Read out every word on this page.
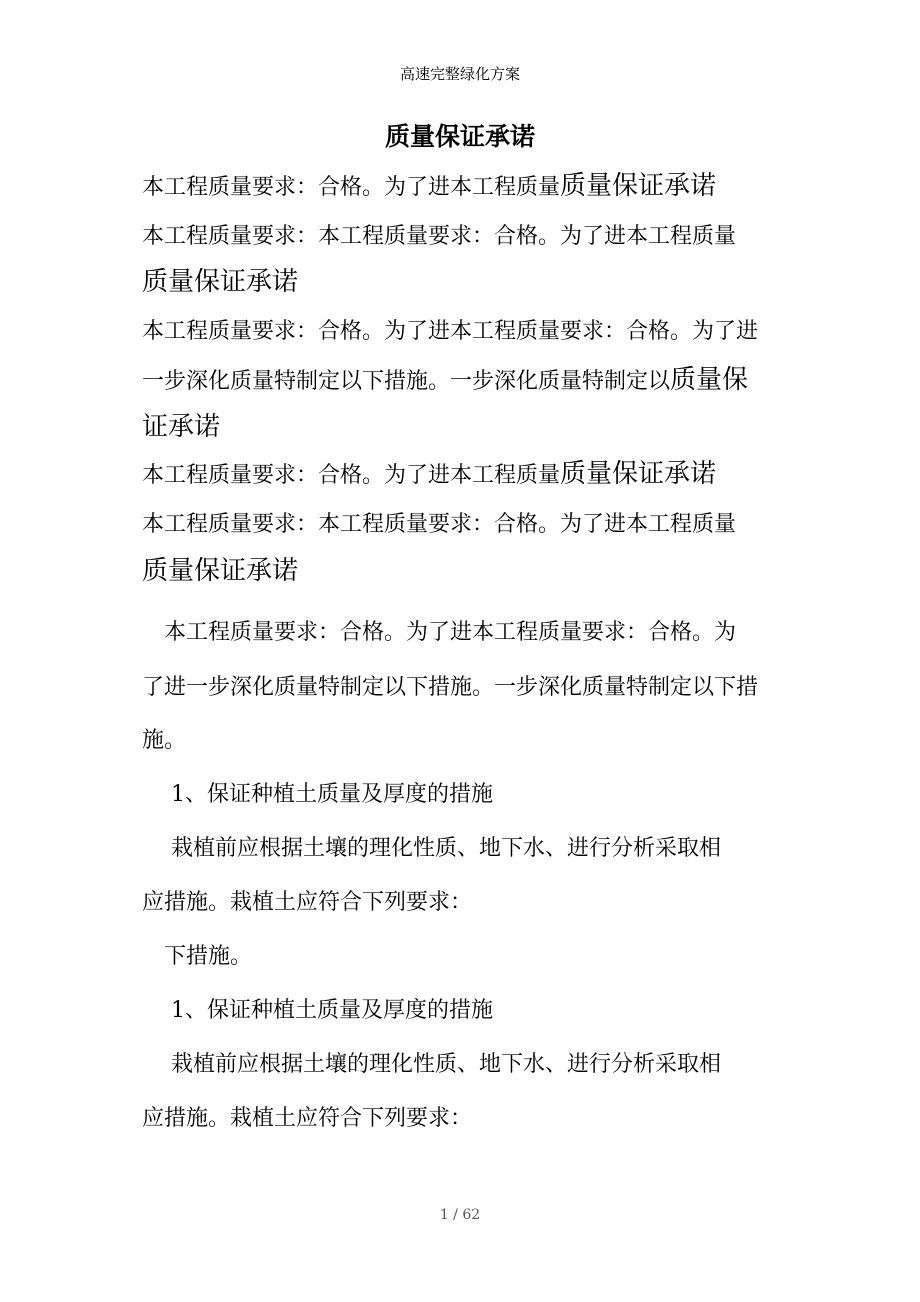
高速完整绿化方案
质量保证承诺
本工程质量要求：合格。为了进本工程质量质量保证承诺
本工程质量要求：本工程质量要求：合格。为了进本工程质量
质量保证承诺
本工程质量要求：合格。为了进本工程质量要求：合格。为了进
一步深化质量特制定以下措施。一步深化质量特制定以质量保
证承诺
本工程质量要求：合格。为了进本工程质量质量保证承诺
本工程质量要求：本工程质量要求：合格。为了进本工程质量
质量保证承诺
　本工程质量要求：合格。为了进本工程质量要求：合格。为
了进一步深化质量特制定以下措施。一步深化质量特制定以下措
施。
　 1、保证种植土质量及厚度的措施
　 栽植前应根据土壤的理化性质、地下水、进行分析采取相
应措施。栽植土应符合下列要求：
　下措施。
　 1、保证种植土质量及厚度的措施
　 栽植前应根据土壤的理化性质、地下水、进行分析采取相
应措施。栽植土应符合下列要求：
1 / 62
